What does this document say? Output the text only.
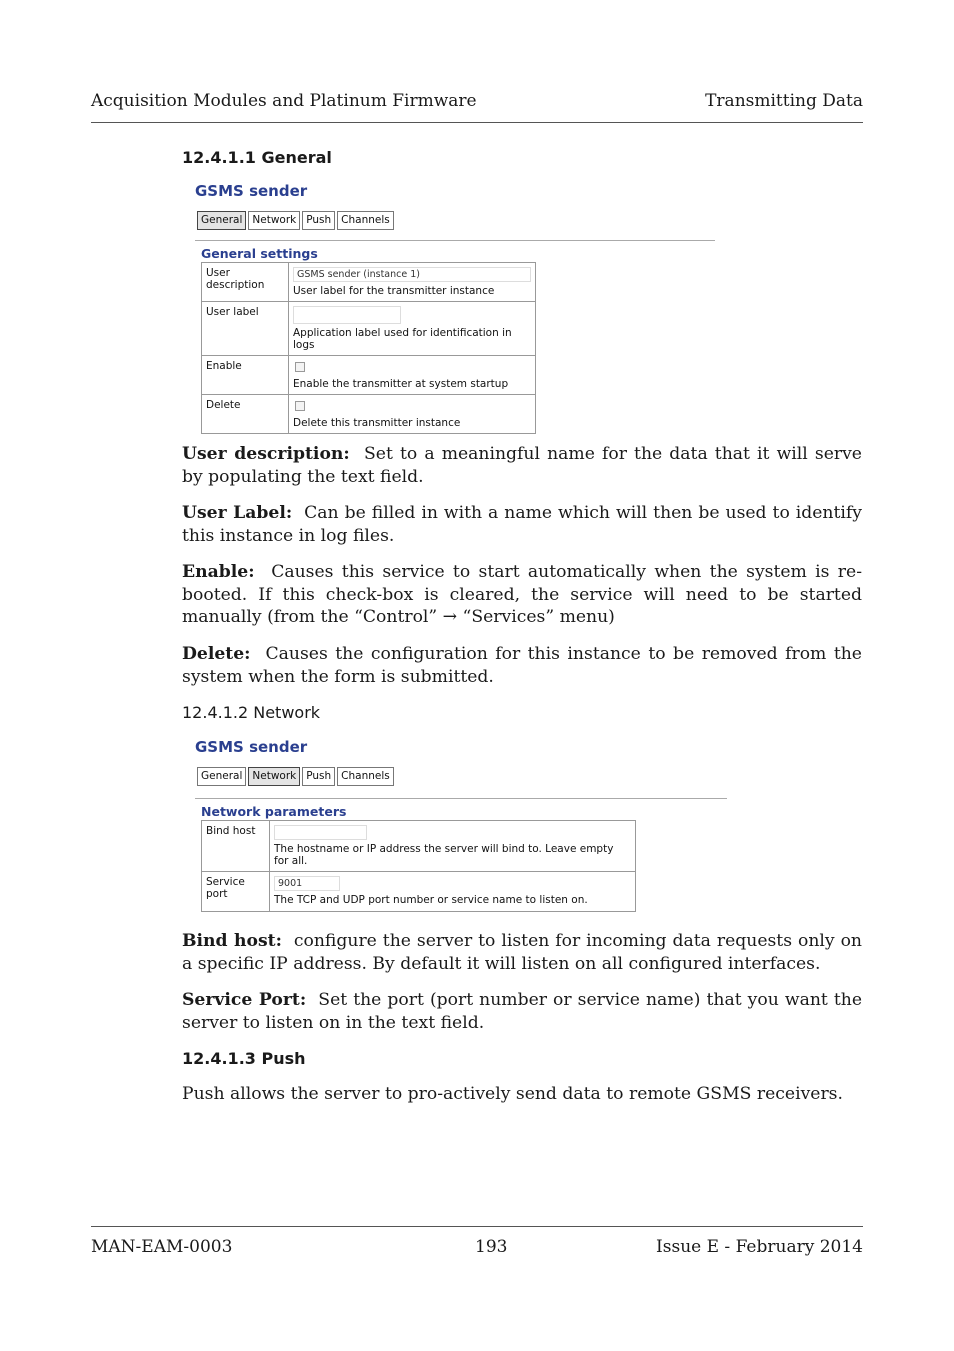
Acquisition Modules and Platinum Firmware	Transmitting Data
12.4.1.1 General
GSMS sender
General Network Push Channels
General settings
User description	GSMS sender (instance 1)
User label for the transmitter instance

User label	Application label used for identification in logs

Enable	Enable the transmitter at system startup

Delete	Delete this transmitter instance
User description: Set to a meaningful name for the data that it will serve by populating the text field.
User Label: Can be filled in with a name which will then be used to identify this instance in log files.
Enable: Causes this service to start automatically when the system is re-booted. If this check-box is cleared, the service will need to be started manually (from the “Control” → “Services” menu)
Delete: Causes the configuration for this instance to be removed from the system when the form is submitted.
12.4.1.2 Network
GSMS sender
General Network Push Channels
Network parameters
Bind host	The hostname or IP address the server will bind to. Leave empty for all.

Service port	9001
The TCP and UDP port number or service name to listen on.
Bind host: configure the server to listen for incoming data requests only on a specific IP address. By default it will listen on all configured interfaces.
Service Port: Set the port (port number or service name) that you want the server to listen on in the text field.
12.4.1.3 Push
Push allows the server to pro-actively send data to remote GSMS receivers.
MAN-EAM-0003	193	Issue E - February 2014
